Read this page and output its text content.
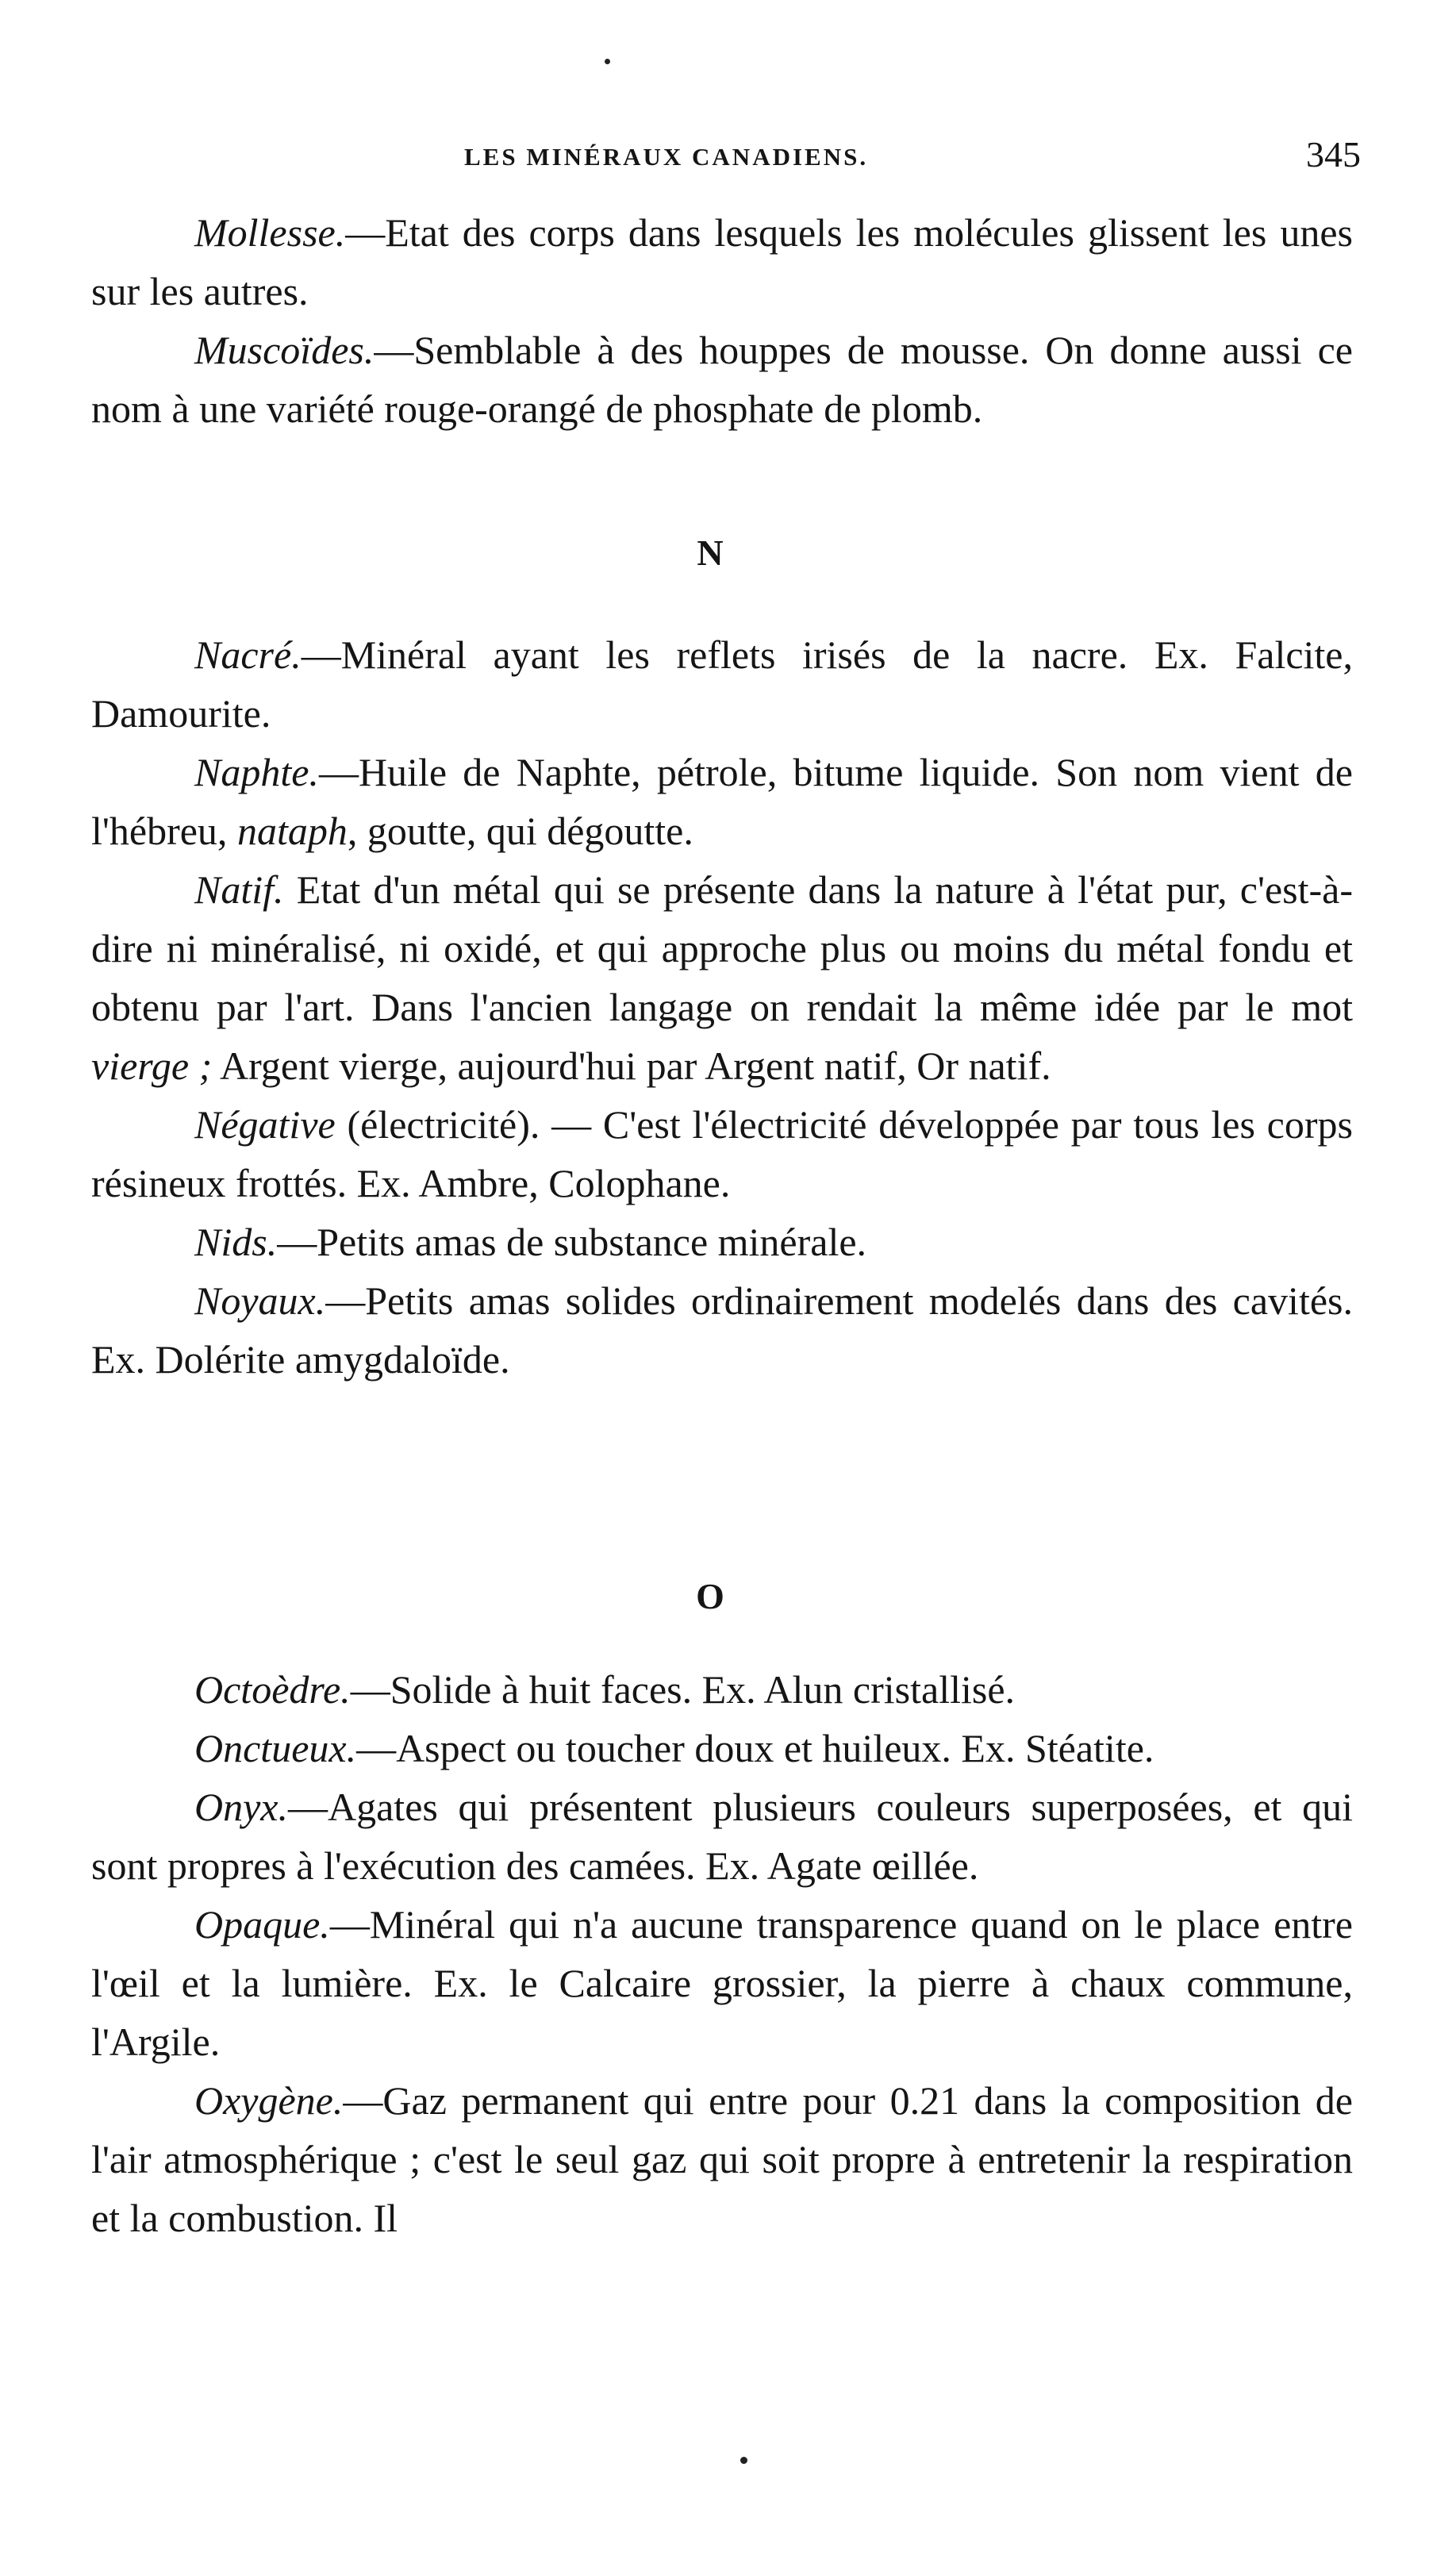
LES MINÉRAUX CANADIENS.	345

Mollesse.—Etat des corps dans lesquels les molécules glissent les unes sur les autres.

Muscoïdes.—Semblable à des houppes de mousse. On donne aussi ce nom à une variété rouge-orangé de phosphate de plomb.

N

Nacré.—Minéral ayant les reflets irisés de la nacre. Ex. Falcite, Damourite.

Naphte.—Huile de Naphte, pétrole, bitume liquide. Son nom vient de l'hébreu, nataph, goutte, qui dégoutte.

Natif. Etat d'un métal qui se présente dans la nature à l'état pur, c'est-à-dire ni minéralisé, ni oxidé, et qui approche plus ou moins du métal fondu et obtenu par l'art. Dans l'ancien langage on rendait la même idée par le mot vierge ; Argent vierge, aujourd'hui par Argent natif, Or natif.

Négative (électricité). — C'est l'électricité développée par tous les corps résineux frottés. Ex. Ambre, Colophane.

Nids.—Petits amas de substance minérale.

Noyaux.—Petits amas solides ordinairement modelés dans des cavités. Ex. Dolérite amygdaloïde.

O

Octoèdre.—Solide à huit faces. Ex. Alun cristallisé.

Onctueux.—Aspect ou toucher doux et huileux. Ex. Stéatite.

Onyx.—Agates qui présentent plusieurs couleurs superposées, et qui sont propres à l'exécution des camées. Ex. Agate œillée.

Opaque.—Minéral qui n'a aucune transparence quand on le place entre l'œil et la lumière. Ex. le Calcaire grossier, la pierre à chaux commune, l'Argile.

Oxygène.—Gaz permanent qui entre pour 0.21 dans la composition de l'air atmosphérique ; c'est le seul gaz qui soit propre à entretenir la respiration et la combustion. Il
